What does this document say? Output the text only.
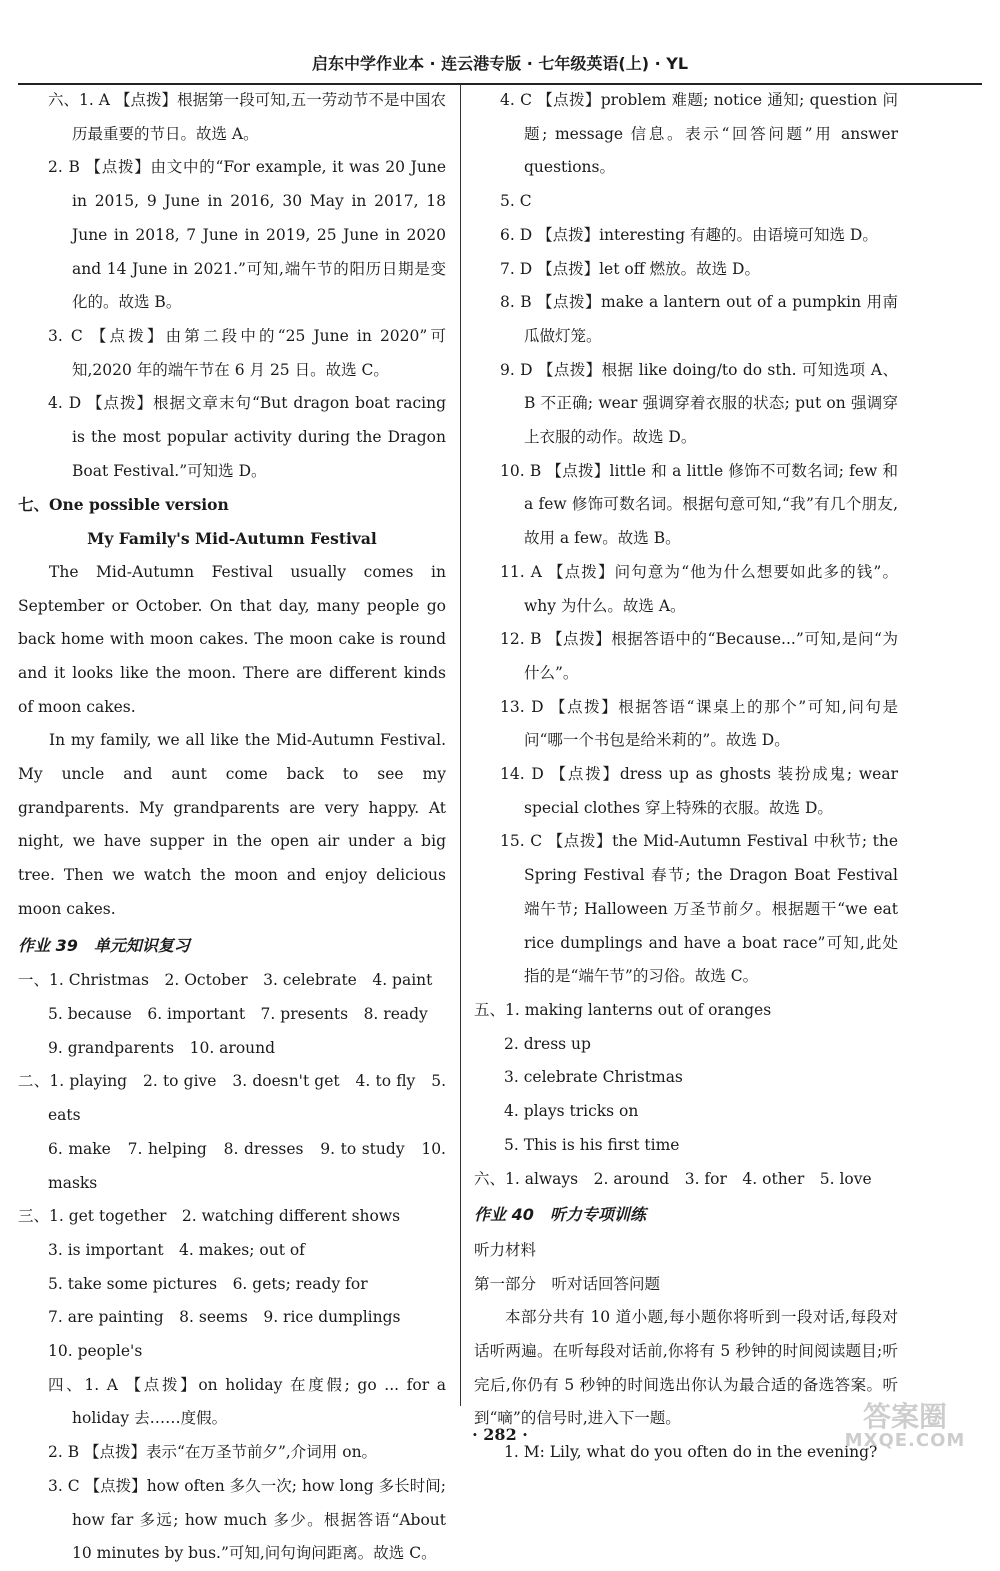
启东中学作业本 · 连云港专版 · 七年级英语(上) · YL

六、1. A 【点拨】根据第一段可知,五一劳动节不是中国农历最重要的节日。故选 A。

2. B 【点拨】由文中的“For example, it was 20 June in 2015, 9 June in 2016, 30 May in 2017, 18 June in 2018, 7 June in 2019, 25 June in 2020 and 14 June in 2021.”可知,端午节的阳历日期是变化的。故选 B。

3. C 【点拨】由第二段中的“25 June in 2020”可知,2020 年的端午节在 6 月 25 日。故选 C。

4. D 【点拨】根据文章末句“But dragon boat racing is the most popular activity during the Dragon Boat Festival.”可知选 D。

七、One possible version

My Family's Mid-Autumn Festival

The Mid-Autumn Festival usually comes in September or October. On that day, many people go back home with moon cakes. The moon cake is round and it looks like the moon. There are different kinds of moon cakes.

In my family, we all like the Mid-Autumn Festival. My uncle and aunt come back to see my grandparents. My grandparents are very happy. At night, we have supper in the open air under a big tree. Then we watch the moon and enjoy delicious moon cakes.

作业 39　单元知识复习

一、1. Christmas　2. October　3. celebrate　4. paint

5. because　6. important　7. presents　8. ready

9. grandparents　10. around

二、1. playing　2. to give　3. doesn't get　4. to fly　5. eats

6. make　7. helping　8. dresses　9. to study　10. masks

三、1. get together　2. watching different shows

3. is important　4. makes; out of

5. take some pictures　6. gets; ready for

7. are painting　8. seems　9. rice dumplings

10. people's

四、1. A 【点拨】on holiday 在度假; go ... for a holiday 去……度假。

2. B 【点拨】表示“在万圣节前夕”,介词用 on。

3. C 【点拨】how often 多久一次; how long 多长时间; how far 多远; how much 多少。根据答语“About 10 minutes by bus.”可知,问句询问距离。故选 C。

4. C 【点拨】problem 难题; notice 通知; question 问题; message 信息。表示“回答问题”用 answer questions。

5. C

6. D 【点拨】interesting 有趣的。由语境可知选 D。

7. D 【点拨】let off 燃放。故选 D。

8. B 【点拨】make a lantern out of a pumpkin 用南瓜做灯笼。

9. D 【点拨】根据 like doing/to do sth. 可知选项 A、B 不正确; wear 强调穿着衣服的状态; put on 强调穿上衣服的动作。故选 D。

10. B 【点拨】little 和 a little 修饰不可数名词; few 和 a few 修饰可数名词。根据句意可知,“我”有几个朋友,故用 a few。故选 B。

11. A 【点拨】问句意为“他为什么想要如此多的钱”。why 为什么。故选 A。

12. B 【点拨】根据答语中的“Because...”可知,是问“为什么”。

13. D 【点拨】根据答语“课桌上的那个”可知,问句是问“哪一个书包是给米莉的”。故选 D。

14. D 【点拨】dress up as ghosts 装扮成鬼; wear special clothes 穿上特殊的衣服。故选 D。

15. C 【点拨】the Mid-Autumn Festival 中秋节; the Spring Festival 春节; the Dragon Boat Festival 端午节; Halloween 万圣节前夕。根据题干“we eat rice dumplings and have a boat race”可知,此处指的是“端午节”的习俗。故选 C。

五、1. making lanterns out of oranges

2. dress up

3. celebrate Christmas

4. plays tricks on

5. This is his first time

六、1. always　2. around　3. for　4. other　5. love

作业 40　听力专项训练

听力材料

第一部分　听对话回答问题

本部分共有 10 道小题,每小题你将听到一段对话,每段对话听两遍。在听每段对话前,你将有 5 秒钟的时间阅读题目;听完后,你仍有 5 秒钟的时间选出你认为最合适的备选答案。听到“嘀”的信号时,进入下一题。

1. M: Lily, what do you often do in the evening?

· 282 ·
答案圈
MXQE.COM
